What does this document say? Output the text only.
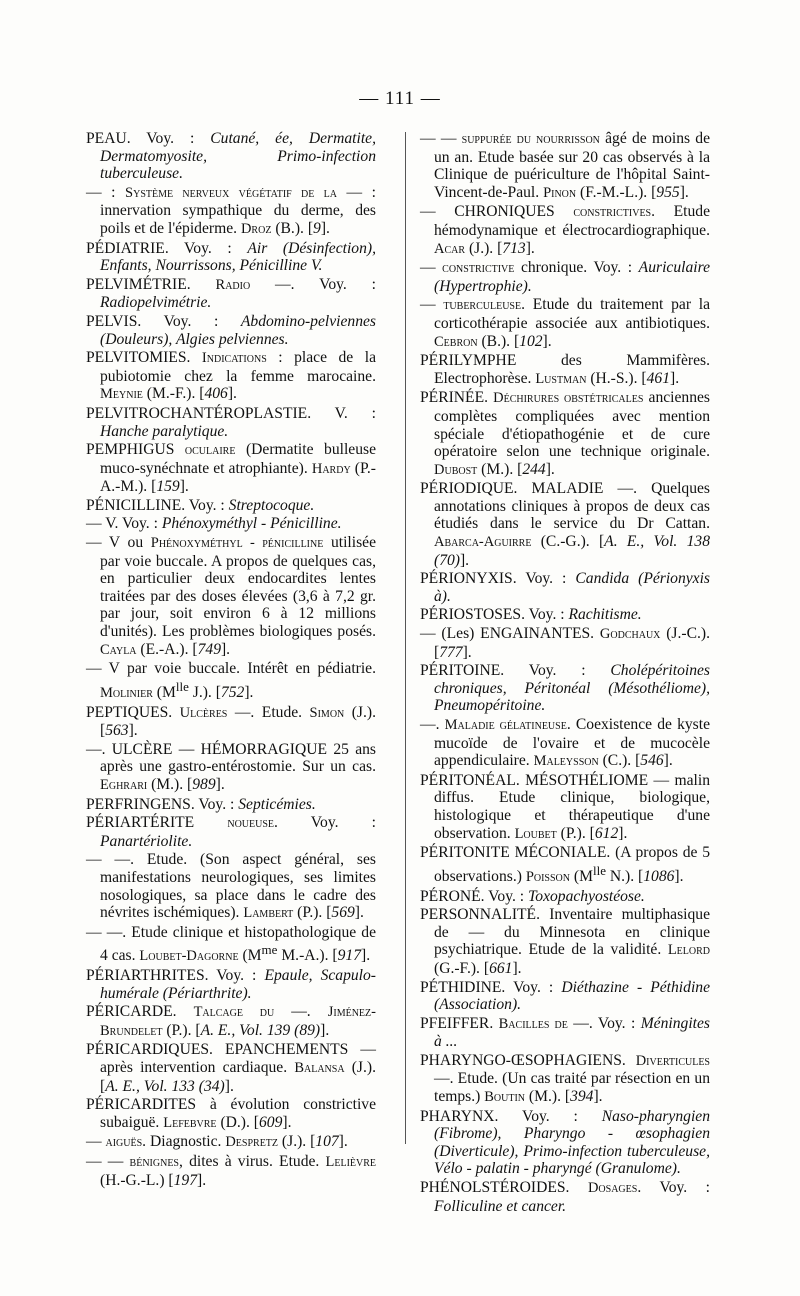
— 111 —

PEAU. Voy. : Cutané, ée, Dermatite, Dermatomyosite, Primo-infection tuberculeuse.

— : Système nerveux végétatif de la — : innervation sympathique du derme, des poils et de l'épiderme. Droz (B.). [9].

PÉDIATRIE. Voy. : Air (Désinfection), Enfants, Nourrissons, Pénicilline V.

PELVIMÉTRIE. Radio —. Voy. : Radiopelvimétrie.

PELVIS. Voy. : Abdomino-pelviennes (Douleurs), Algies pelviennes.

PELVITOMIES. Indications : place de la pubiotomie chez la femme marocaine. Meynie (M.-F.). [406].

PELVITROCHANTÉROPLASTIE. V. : Hanche paralytique.

PEMPHIGUS oculaire (Dermatite bulleuse muco-synéchnate et atrophiante). Hardy (P.-A.-M.). [159].

PÉNICILLINE. Voy. : Streptocoque.

— V. Voy. : Phénoxyméthyl - Pénicilline.

— V ou Phénoxyméthyl - pénicilline utilisée par voie buccale. A propos de quelques cas, en particulier deux endocardites lentes traitées par des doses élevées (3,6 à 7,2 gr. par jour, soit environ 6 à 12 millions d'unités). Les problèmes biologiques posés. Cayla (E.-A.). [749].

— V par voie buccale. Intérêt en pédiatrie. Molinier ($M^{lle}$ J.). [752].

PEPTIQUES. Ulcères —. Etude. Simon (J.). [563].

—. ULCÈRE — HÉMORRAGIQUE 25 ans après une gastro-entérostomie. Sur un cas. Eghrari (M.). [989].

PERFRINGENS. Voy. : Septicémies.

PÉRIARTÉRITE noueuse. Voy. : Panartériolite.

— —. Etude. (Son aspect général, ses manifestations neurologiques, ses limites nosologiques, sa place dans le cadre des névrites ischémiques). Lambert (P.). [569].

— —. Etude clinique et histopathologique de 4 cas. Loubet-Dagorne ($M^{me}$ M.-A.). [917].

PÉRIARTHRITES. Voy. : Epaule, Scapulo-humérale (Périarthrite).

PÉRICARDE. Talcage du —. Jiménez-Brundelet (P.). [A. E., Vol. 139 (89)].

PÉRICARDIQUES. EPANCHEMENTS — après intervention cardiaque. Balansa (J.). [A. E., Vol. 133 (34)].

PÉRICARDITES à évolution constrictive subaiguë. Lefebvre (D.). [609].

— aiguës. Diagnostic. Despretz (J.). [107].

— — bénignes, dites à virus. Etude. Lelièvre (H.-G.-L.) [197].

— — suppurée du nourrisson âgé de moins de un an. Etude basée sur 20 cas observés à la Clinique de puériculture de l'hôpital Saint-Vincent-de-Paul. Pinon (F.-M.-L.). [955].

— CHRONIQUES constrictives. Etude hémodynamique et électrocardiographique. Acar (J.). [713].

— constrictive chronique. Voy. : Auriculaire (Hypertrophie).

— tuberculeuse. Etude du traitement par la corticothérapie associée aux antibiotiques. Cebron (B.). [102].

PÉRILYMPHE des Mammifères. Electrophorèse. Lustman (H.-S.). [461].

PÉRINÉE. Déchirures obstétricales anciennes complètes compliquées avec mention spéciale d'étiopathogénie et de cure opératoire selon une technique originale. Dubost (M.). [244].

PÉRIODIQUE. MALADIE —. Quelques annotations cliniques à propos de deux cas étudiés dans le service du Dr Cattan. Abarca-Aguirre (C.-G.). [A. E., Vol. 138 (70)].

PÉRIONYXIS. Voy. : Candida (Périonyxis à).

PÉRIOSTOSES. Voy. : Rachitisme.

— (Les) ENGAINANTES. Godchaux (J.-C.). [777].

PÉRITOINE. Voy. : Cholépéritoines chroniques, Péritonéal (Mésothéliome), Pneumopéritoine.

—. Maladie gélatineuse. Coexistence de kyste mucoïde de l'ovaire et de mucocèle appendiculaire. Maleysson (C.). [546].

PÉRITONÉAL. MÉSOTHÉLIOME — malin diffus. Etude clinique, biologique, histologique et thérapeutique d'une observation. Loubet (P.). [612].

PÉRITONITE MÉCONIALE. (A propos de 5 observations.) Poisson ($M^{lle}$ N.). [1086].

PÉRONÉ. Voy. : Toxopachyostéose.

PERSONNALITÉ. Inventaire multiphasique de — du Minnesota en clinique psychiatrique. Etude de la validité. Lelord (G.-F.). [661].

PÉTHIDINE. Voy. : Diéthazine - Péthidine (Association).

PFEIFFER. Bacilles de —. Voy. : Méningites à ...

PHARYNGO-ŒSOPHAGIENS. Diverticules —. Etude. (Un cas traité par résection en un temps.) Boutin (M.). [394].

PHARYNX. Voy. : Naso-pharyngien (Fibrome), Pharyngo - œsophagien (Diverticule), Primo-infection tuberculeuse, Vélo - palatin - pharyngé (Granulome).

PHÉNOLSTÉROIDES. Dosages. Voy. : Folliculine et cancer.
